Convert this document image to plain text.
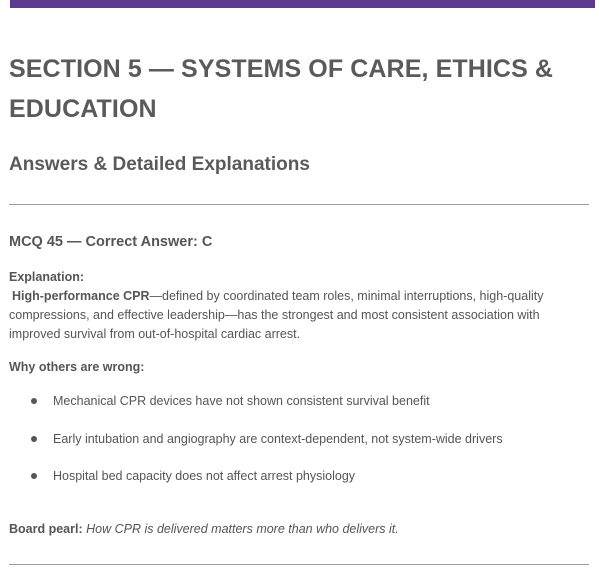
SECTION 5 — SYSTEMS OF CARE, ETHICS & EDUCATION
Answers & Detailed Explanations
MCQ 45 — Correct Answer: C
Explanation:

High-performance CPR—defined by coordinated team roles, minimal interruptions, high-quality compressions, and effective leadership—has the strongest and most consistent association with improved survival from out-of-hospital cardiac arrest.

Why others are wrong:
Mechanical CPR devices have not shown consistent survival benefit
Early intubation and angiography are context-dependent, not system-wide drivers
Hospital bed capacity does not affect arrest physiology

Board pearl: How CPR is delivered matters more than who delivers it.
